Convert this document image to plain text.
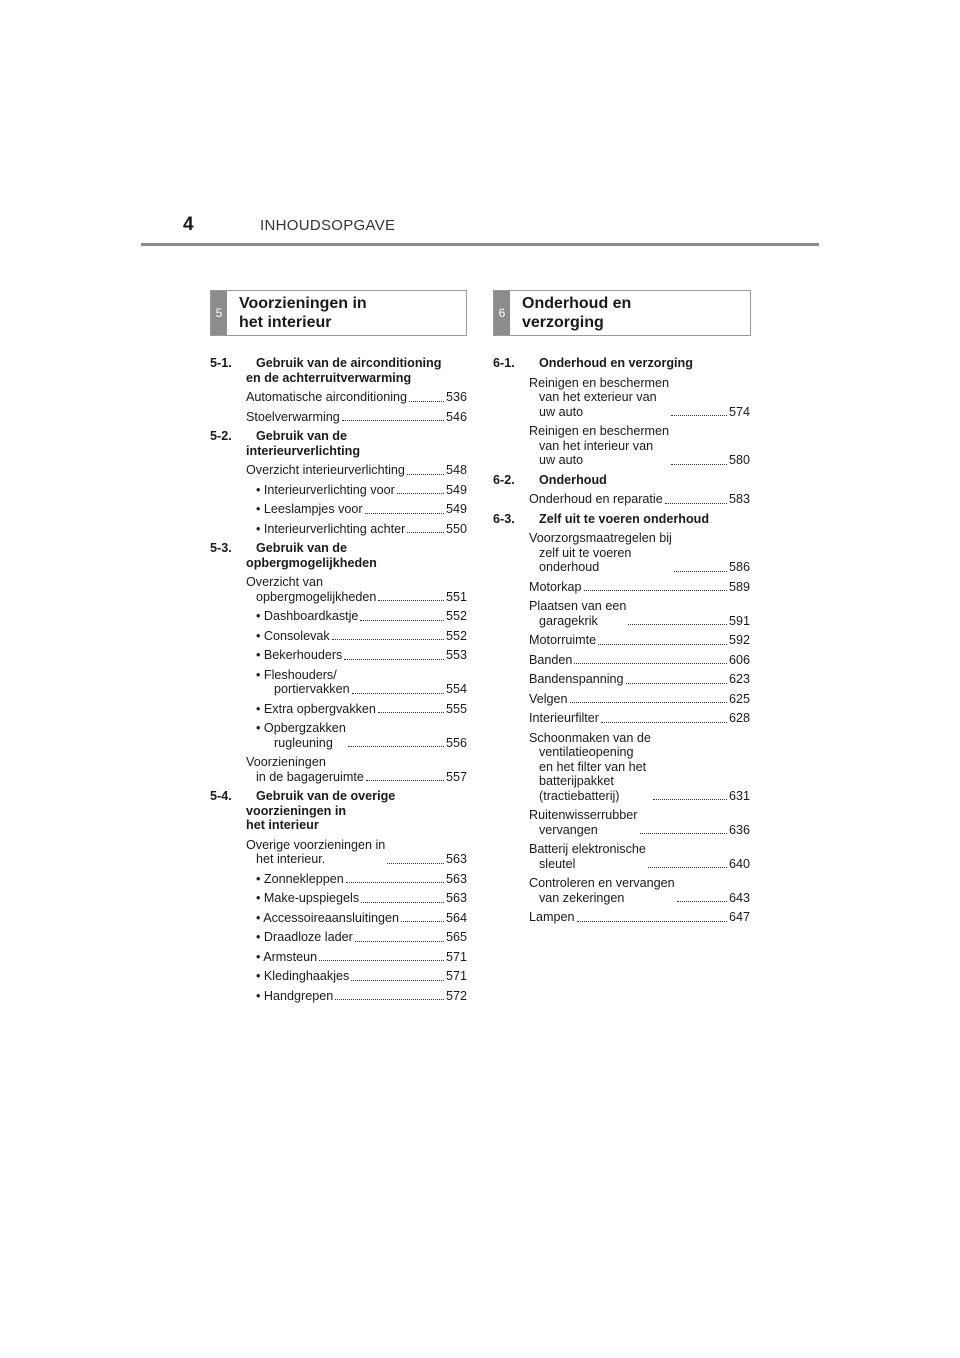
4	INHOUDSOPGAVE
5
Voorzieningen in
het interieur
5-1. Gebruik van de airconditioning
en de achterruitverwarming
Automatische airconditioning	536
Stoelverwarming	546
5-2. Gebruik van de
interieurverlichting
Overzicht interieurverlichting	548
• Interieurverlichting voor	549
• Leeslampjes voor	549
• Interieurverlichting achter	550
5-3. Gebruik van de
opbergmogelijkheden
Overzicht van
opbergmogelijkheden	551
• Dashboardkastje	552
• Consolevak	552
• Bekerhouders	553
• Fleshouders/
portiervakken	554
• Extra opbergvakken	555
• Opbergzakken
rugleuning	556
Voorzieningen
in de bagageruimte	557
5-4. Gebruik van de overige
voorzieningen in
het interieur
Overige voorzieningen in
het interieur.	563
• Zonnekleppen	563
• Make-upspiegels	563
• Accessoireaansluitingen	564
• Draadloze lader	565
• Armsteun	571
• Kledinghaakjes	571
• Handgrepen	572
6
Onderhoud en
verzorging
6-1. Onderhoud en verzorging
Reinigen en beschermen
van het exterieur van
uw auto	574
Reinigen en beschermen
van het interieur van
uw auto	580
6-2. Onderhoud
Onderhoud en reparatie	583
6-3. Zelf uit te voeren onderhoud
Voorzorgsmaatregelen bij
zelf uit te voeren
onderhoud	586
Motorkap	589
Plaatsen van een
garagekrik	591
Motorruimte	592
Banden	606
Bandenspanning	623
Velgen	625
Interieurfilter	628
Schoonmaken van de
ventilatieopening
en het filter van het
batterijpakket
(tractiebatterij)	631
Ruitenwisserrubber
vervangen	636
Batterij elektronische
sleutel	640
Controleren en vervangen
van zekeringen	643
Lampen	647
